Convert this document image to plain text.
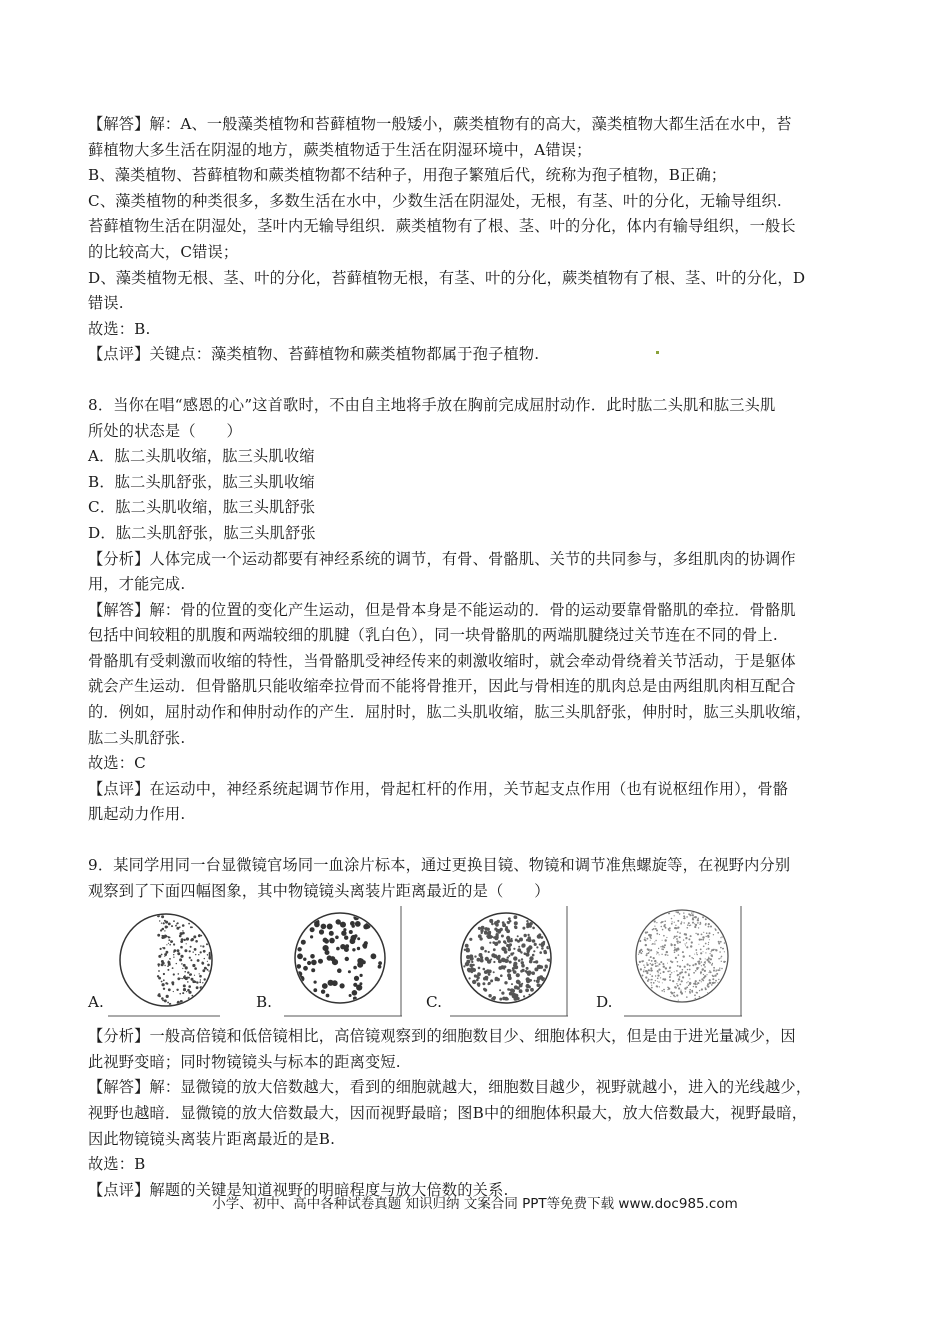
【解答】解：A、一般藻类植物和苔藓植物一般矮小，蕨类植物有的高大，藻类植物大都生活在水中，苔
藓植物大多生活在阴湿的地方，蕨类植物适于生活在阴湿环境中，A错误；
B、藻类植物、苔藓植物和蕨类植物都不结种子，用孢子繁殖后代，统称为孢子植物，B正确；
C、藻类植物的种类很多，多数生活在水中，少数生活在阴湿处，无根，有茎、叶的分化，无输导组织.
苔藓植物生活在阴湿处，茎叶内无输导组织．蕨类植物有了根、茎、叶的分化，体内有输导组织，一般长
的比较高大，C错误；
D、藻类植物无根、茎、叶的分化，苔藓植物无根，有茎、叶的分化，蕨类植物有了根、茎、叶的分化，D
错误.
故选：B.
【点评】关键点：藻类植物、苔藓植物和蕨类植物都属于孢子植物.
8．当你在唱“感恩的心”这首歌时，不由自主地将手放在胸前完成屈肘动作．此时肱二头肌和肱三头肌
所处的状态是（　　）
A．肱二头肌收缩，肱三头肌收缩
B．肱二头肌舒张，肱三头肌收缩
C．肱二头肌收缩，肱三头肌舒张
D．肱二头肌舒张，肱三头肌舒张
【分析】人体完成一个运动都要有神经系统的调节，有骨、骨骼肌、关节的共同参与，多组肌肉的协调作
用，才能完成.
【解答】解：骨的位置的变化产生运动，但是骨本身是不能运动的．骨的运动要靠骨骼肌的牵拉．骨骼肌
包括中间较粗的肌腹和两端较细的肌腱（乳白色），同一块骨骼肌的两端肌腱绕过关节连在不同的骨上.
骨骼肌有受刺激而收缩的特性，当骨骼肌受神经传来的刺激收缩时，就会牵动骨绕着关节活动，于是躯体
就会产生运动．但骨骼肌只能收缩牵拉骨而不能将骨推开，因此与骨相连的肌肉总是由两组肌肉相互配合
的．例如，屈肘动作和伸肘动作的产生．屈肘时，肱二头肌收缩，肱三头肌舒张，伸肘时，肱三头肌收缩，
肱二头肌舒张.
故选：C
【点评】在运动中，神经系统起调节作用，骨起杠杆的作用，关节起支点作用（也有说枢纽作用），骨骼
肌起动力作用.
9．某同学用同一台显微镜官场同一血涂片标本，通过更换目镜、物镜和调节准焦螺旋等，在视野内分别
观察到了下面四幅图象，其中物镜镜头离装片距离最近的是（　　）
A.	B.	C.	D.
【分析】一般高倍镜和低倍镜相比，高倍镜观察到的细胞数目少、细胞体积大，但是由于进光量减少，因
此视野变暗；同时物镜镜头与标本的距离变短.
【解答】解：显微镜的放大倍数越大，看到的细胞就越大，细胞数目越少，视野就越小，进入的光线越少，
视野也越暗．显微镜的放大倍数最大，因而视野最暗；图B中的细胞体积最大，放大倍数最大，视野最暗，
因此物镜镜头离装片距离最近的是B.
故选：B
【点评】解题的关键是知道视野的明暗程度与放大倍数的关系.
小学、初中、高中各种试卷真题 知识归纳 文案合同 PPT等免费下载 www.doc985.com
